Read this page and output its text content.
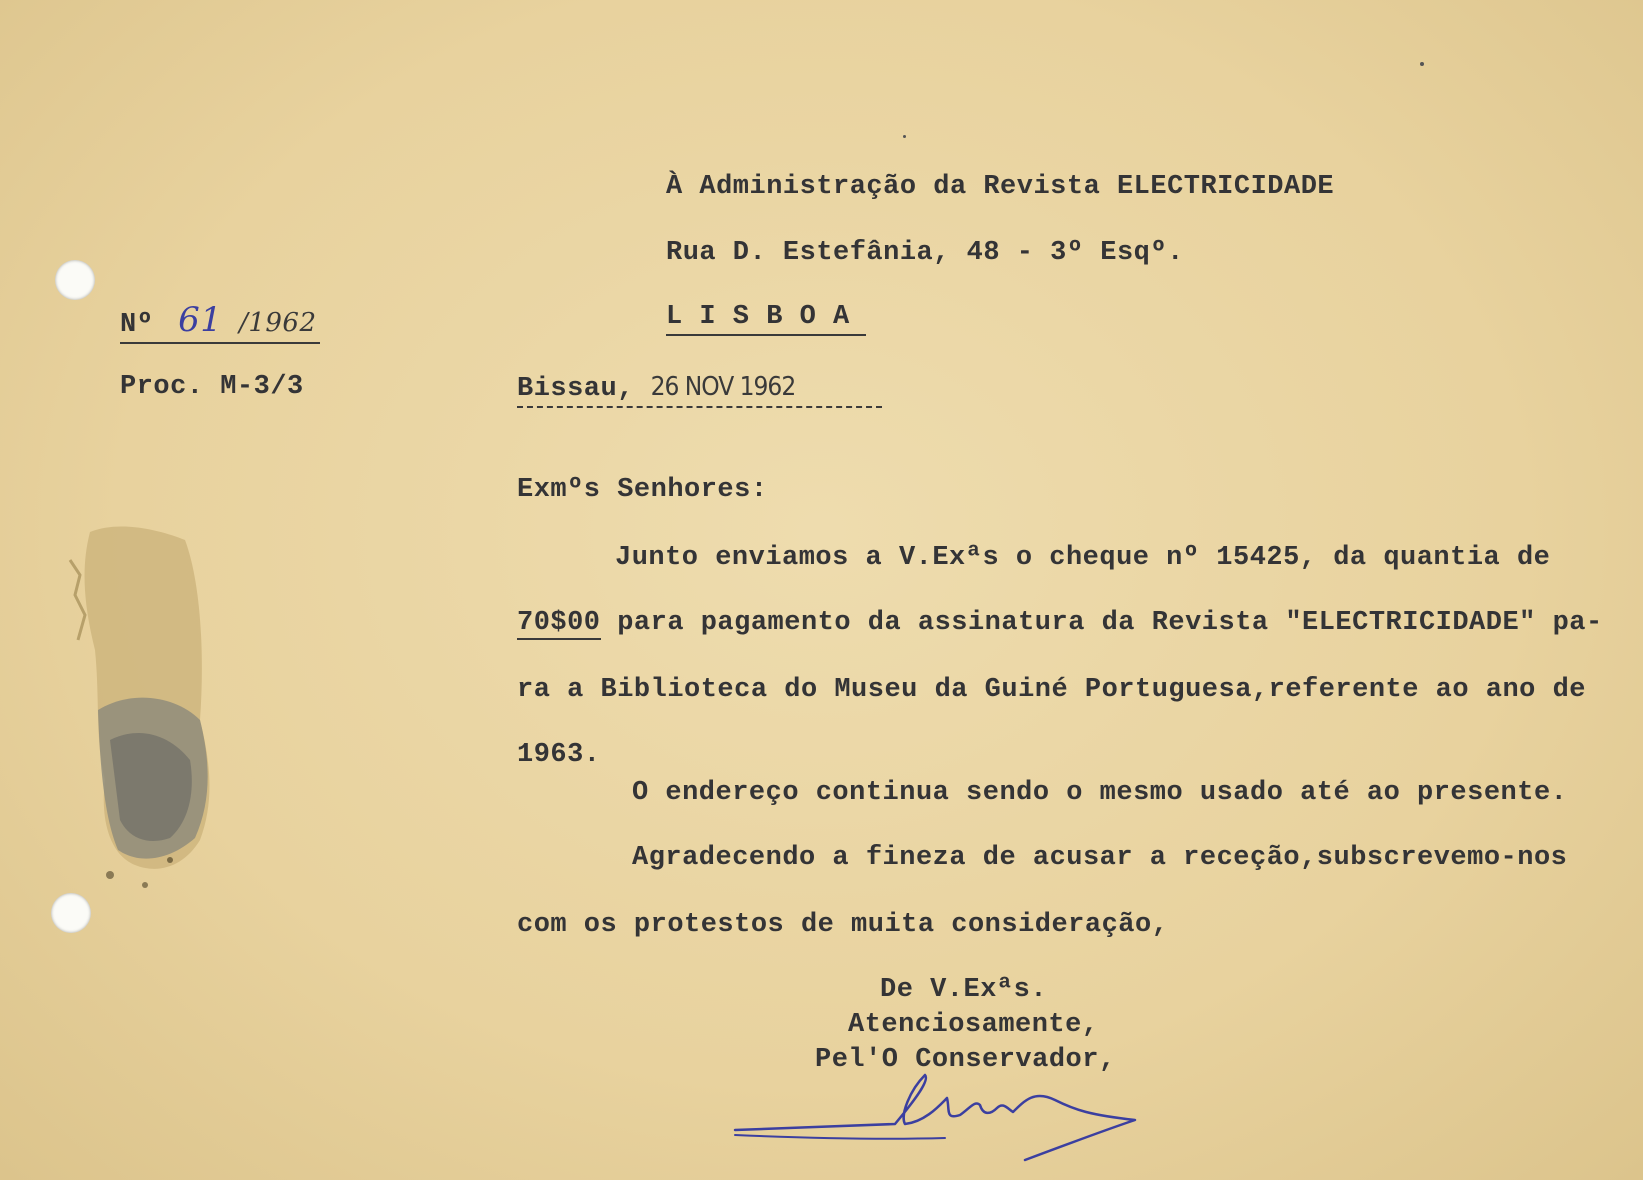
À Administração da Revista ELECTRICIDADE
Rua D. Estefânia, 48 - 3º Esqº.
L I S B O A
Nº 61 /1962
Proc. M-3/3	Bissau, 26 NOV 1962
Exmºs Senhores:
Junto enviamos a V.Exªs o cheque nº 15425, da quantia de
70$00 para pagamento da assinatura da Revista "ELECTRICIDADE" pa-
ra a Biblioteca do Museu da Guiné Portuguesa,referente ao ano de
1963.
O endereço continua sendo o mesmo usado até ao presente.
Agradecendo a fineza de acusar a receção,subscrevemo-nos
com os protestos de muita consideração,
De V.Exªs.
Atenciosamente,
Pel'O Conservador,
